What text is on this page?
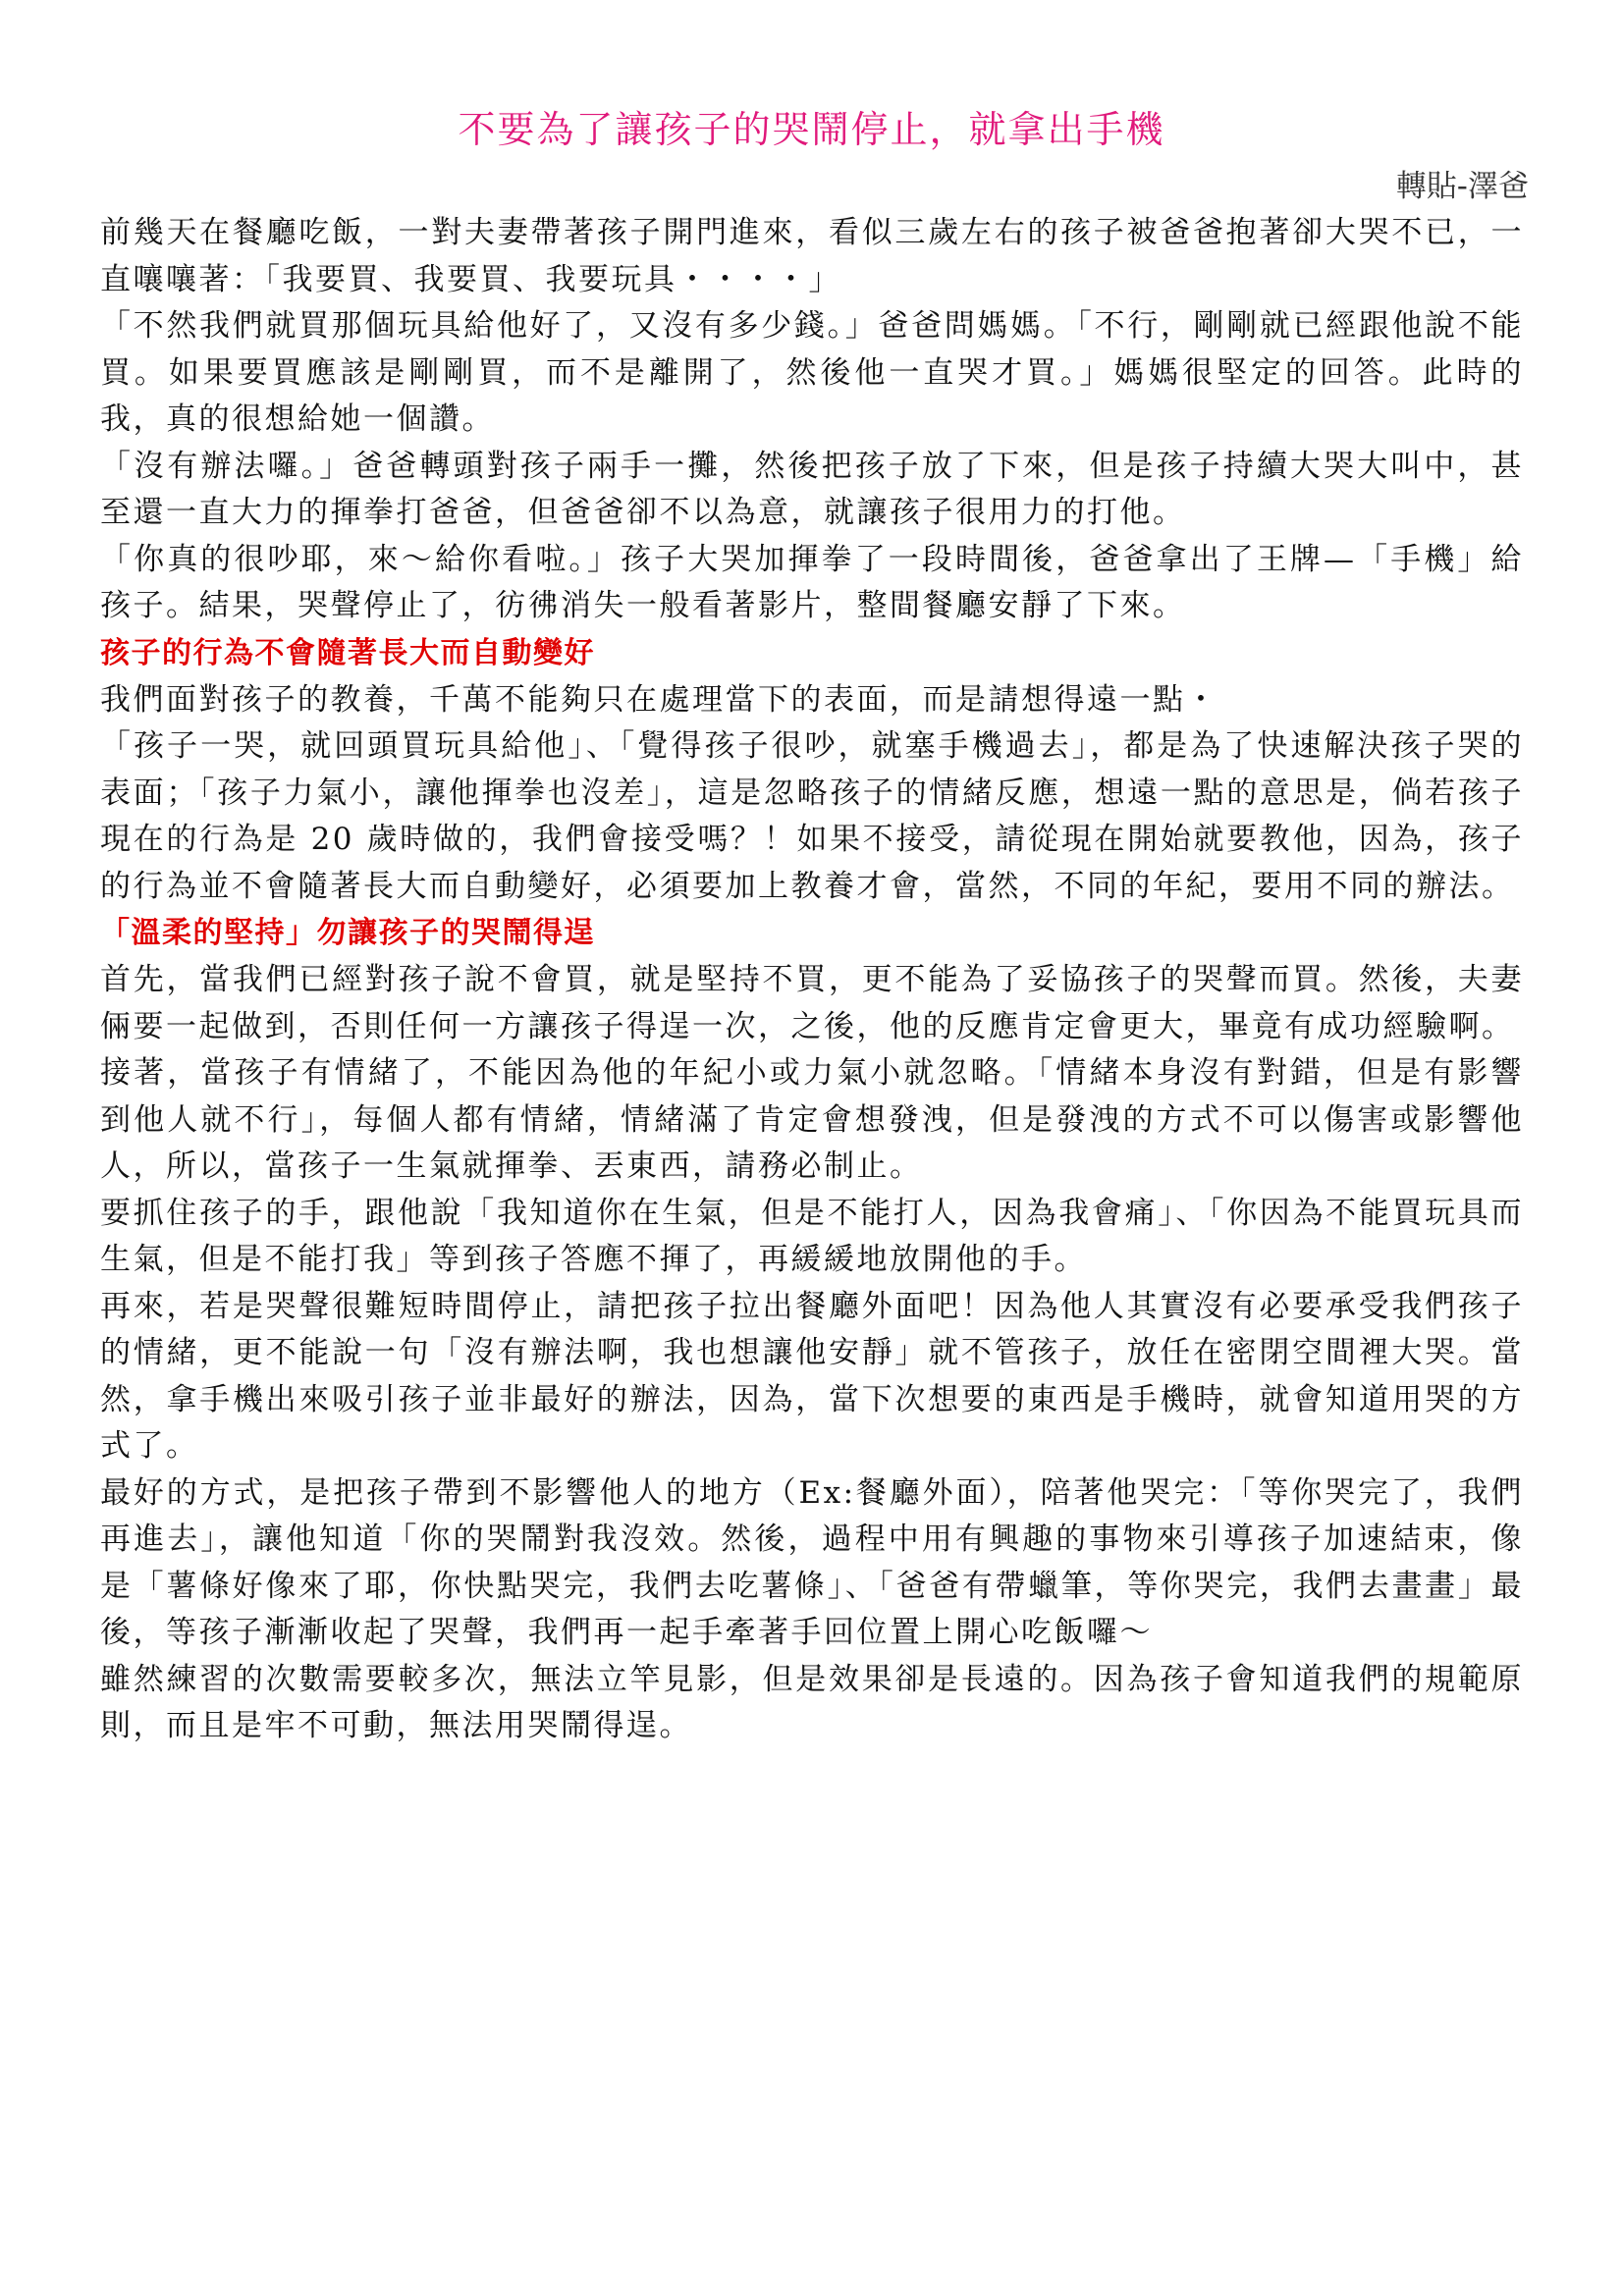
不要為了讓孩子的哭鬧停止，就拿出手機
轉貼-澤爸

前幾天在餐廳吃飯，一對夫妻帶著孩子開門進來，看似三歲左右的孩子被爸爸抱著卻大哭不已，一直嚷嚷著：「我要買、我要買、我要玩具・・・・」

「不然我們就買那個玩具給他好了，又沒有多少錢。」爸爸問媽媽。「不行，剛剛就已經跟他說不能買。如果要買應該是剛剛買，而不是離開了，然後他一直哭才買。」媽媽很堅定的回答。此時的我，真的很想給她一個讚。

「沒有辦法囉。」爸爸轉頭對孩子兩手一攤，然後把孩子放了下來，但是孩子持續大哭大叫中，甚至還一直大力的揮拳打爸爸，但爸爸卻不以為意，就讓孩子很用力的打他。

「你真的很吵耶，來～給你看啦。」孩子大哭加揮拳了一段時間後，爸爸拿出了王牌—「手機」給孩子。結果，哭聲停止了，彷彿消失一般看著影片，整間餐廳安靜了下來。

孩子的行為不會隨著長大而自動變好

我們面對孩子的教養，千萬不能夠只在處理當下的表面，而是請想得遠一點・

「孩子一哭，就回頭買玩具給他」、「覺得孩子很吵，就塞手機過去」，都是為了快速解決孩子哭的表面；「孩子力氣小，讓他揮拳也沒差」，這是忽略孩子的情緒反應，想遠一點的意思是，倘若孩子現在的行為是 20 歲時做的，我們會接受嗎？！如果不接受，請從現在開始就要教他，因為，孩子的行為並不會隨著長大而自動變好，必須要加上教養才會，當然，不同的年紀，要用不同的辦法。

「溫柔的堅持」勿讓孩子的哭鬧得逞

首先，當我們已經對孩子說不會買，就是堅持不買，更不能為了妥協孩子的哭聲而買。然後，夫妻倆要一起做到，否則任何一方讓孩子得逞一次，之後，他的反應肯定會更大，畢竟有成功經驗啊。

接著，當孩子有情緒了，不能因為他的年紀小或力氣小就忽略。「情緒本身沒有對錯，但是有影響到他人就不行」，每個人都有情緒，情緒滿了肯定會想發洩，但是發洩的方式不可以傷害或影響他人，所以，當孩子一生氣就揮拳、丟東西，請務必制止。

要抓住孩子的手，跟他說「我知道你在生氣，但是不能打人，因為我會痛」、「你因為不能買玩具而生氣，但是不能打我」等到孩子答應不揮了，再緩緩地放開他的手。

再來，若是哭聲很難短時間停止，請把孩子拉出餐廳外面吧！因為他人其實沒有必要承受我們孩子的情緒，更不能說一句「沒有辦法啊，我也想讓他安靜」就不管孩子，放任在密閉空間裡大哭。當然，拿手機出來吸引孩子並非最好的辦法，因為，當下次想要的東西是手機時，就會知道用哭的方式了。

最好的方式，是把孩子帶到不影響他人的地方（Ex:餐廳外面），陪著他哭完：「等你哭完了，我們再進去」，讓他知道「你的哭鬧對我沒效。然後，過程中用有興趣的事物來引導孩子加速結束，像是「薯條好像來了耶，你快點哭完，我們去吃薯條」、「爸爸有帶蠟筆，等你哭完，我們去畫畫」最後，等孩子漸漸收起了哭聲，我們再一起手牽著手回位置上開心吃飯囉～

雖然練習的次數需要較多次，無法立竿見影，但是效果卻是長遠的。因為孩子會知道我們的規範原則，而且是牢不可動，無法用哭鬧得逞。
